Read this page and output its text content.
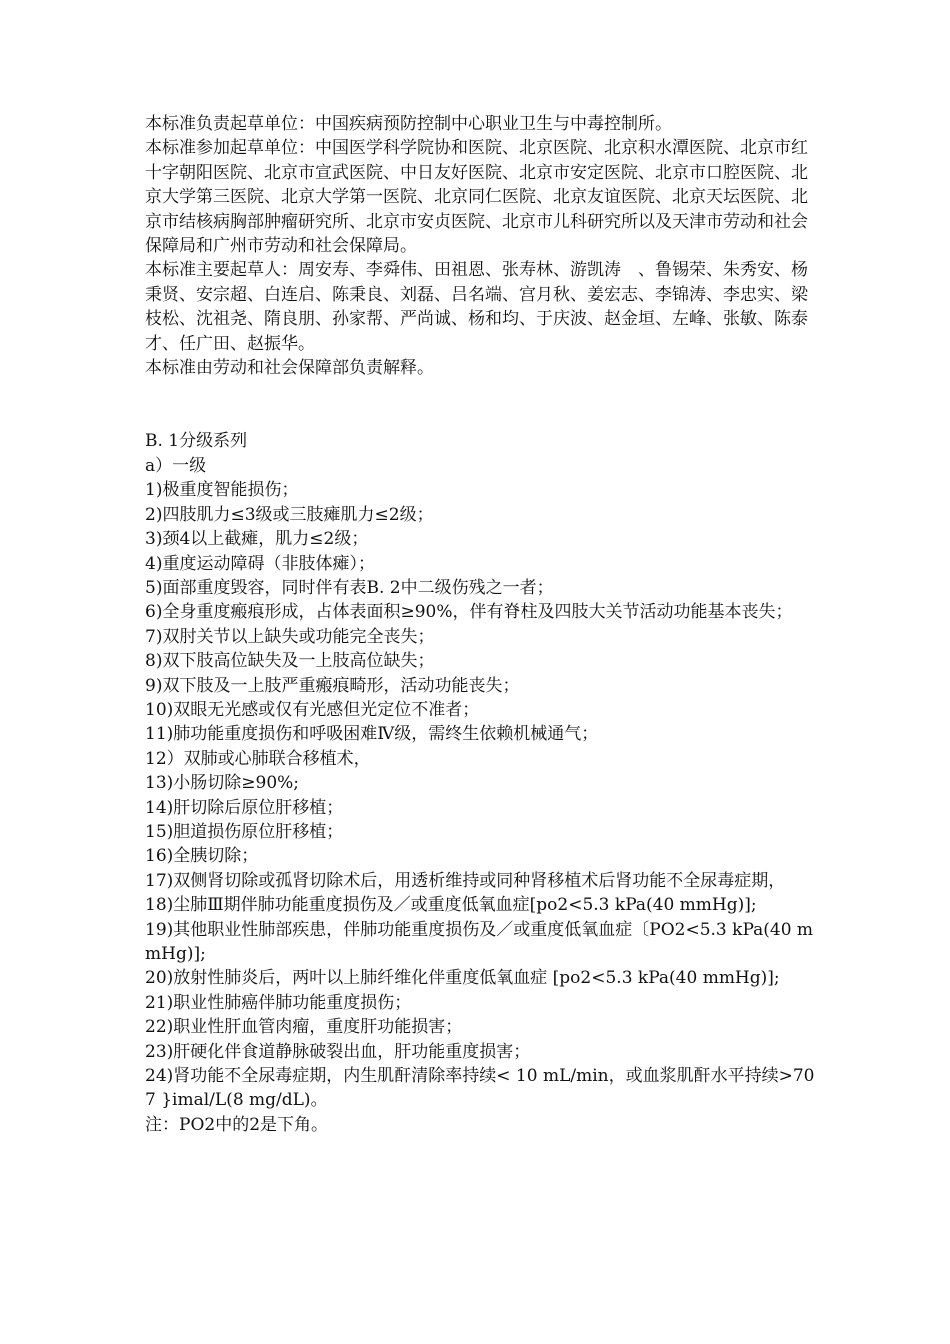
本标准负责起草单位：中国疾病预防控制中心职业卫生与中毒控制所。

本标准参加起草单位：中国医学科学院协和医院、北京医院、北京积水潭医院、北京市红十字朝阳医院、北京市宣武医院、中日友好医院、北京市安定医院、北京市口腔医院、北京大学第三医院、北京大学第一医院、北京同仁医院、北京友谊医院、北京天坛医院、北京市结核病胸部肿瘤研究所、北京市安贞医院、北京市儿科研究所以及天津市劳动和社会保障局和广州市劳动和社会保障局。

本标准主要起草人：周安寿、李舜伟、田祖恩、张寿林、游凯涛　、鲁锡荣、朱秀安、杨秉贤、安宗超、白连启、陈秉良、刘磊、吕名端、宫月秋、姜宏志、李锦涛、李忠实、梁枝松、沈祖尧、隋良朋、孙家帮、严尚诚、杨和均、于庆波、赵金垣、左峰、张敏、陈泰才、任广田、赵振华。

本标准由劳动和社会保障部负责解释。

B. 1分级系列

a）一级

1)极重度智能损伤；

2)四肢肌力≤3级或三肢瘫肌力≤2级；

3)颈4以上截瘫，肌力≤2级；

4)重度运动障碍（非肢体瘫）；

5)面部重度毁容，同时伴有表B. 2中二级伤残之一者；

6)全身重度瘢痕形成，占体表面积≥90%，伴有脊柱及四肢大关节活动功能基本丧失；

7)双肘关节以上缺失或功能完全丧失；

8)双下肢高位缺失及一上肢高位缺失；

9)双下肢及一上肢严重瘢痕畸形，活动功能丧失；

10)双眼无光感或仅有光感但光定位不准者；

11)肺功能重度损伤和呼吸困难Ⅳ级，需终生依赖机械通气；

12）双肺或心肺联合移植术，

13)小肠切除≥90%;

14)肝切除后原位肝移植；

15)胆道损伤原位肝移植；

16)全胰切除；

17)双侧肾切除或孤肾切除术后，用透析维持或同种肾移植术后肾功能不全尿毒症期，

18)尘肺Ⅲ期伴肺功能重度损伤及／或重度低氧血症[po2<5.3 kPa(40 mmHg)];

19)其他职业性肺部疾患，伴肺功能重度损伤及／或重度低氧血症〔PO2<5.3 kPa(40 mmHg)];

20)放射性肺炎后，两叶以上肺纤维化伴重度低氧血症 [po2<5.3 kPa(40 mmHg)];

21)职业性肺癌伴肺功能重度损伤；

22)职业性肝血管肉瘤，重度肝功能损害；

23)肝硬化伴食道静脉破裂出血，肝功能重度损害；

24)肾功能不全尿毒症期，内生肌酐清除率持续< 10 mL/min，或血浆肌酐水平持续>707 }imal/L(8 mg/dL)。

注：PO2中的2是下角。
